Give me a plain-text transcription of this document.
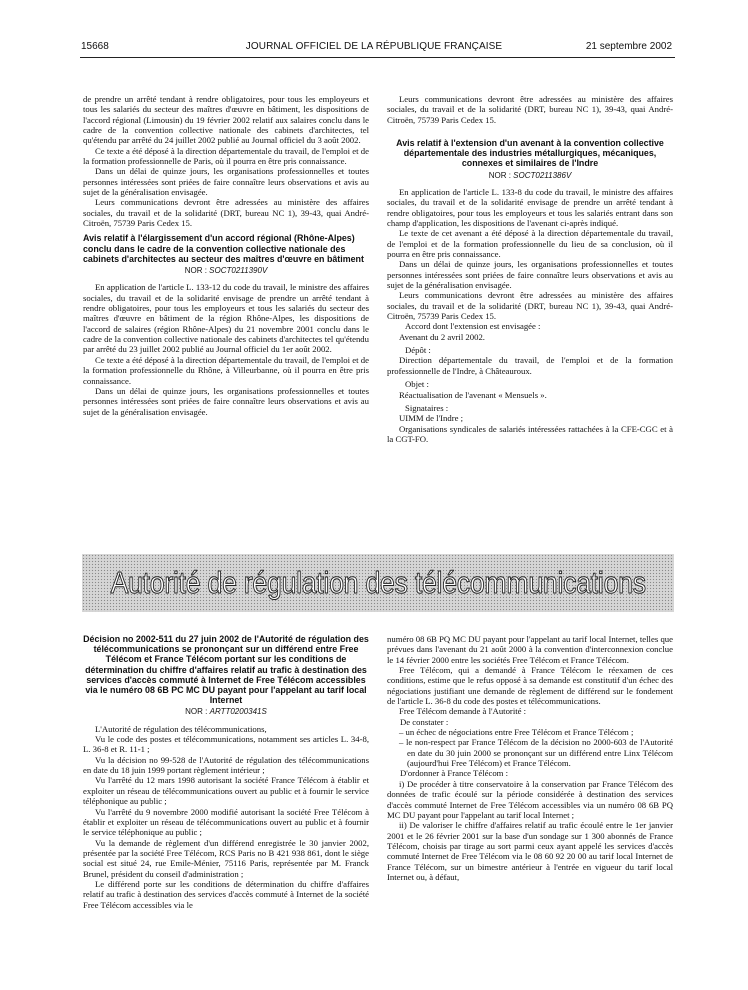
15668	JOURNAL OFFICIEL DE LA RÉPUBLIQUE FRANÇAISE	21 septembre 2002

de prendre un arrêté tendant à rendre obligatoires, pour tous les employeurs et tous les salariés du secteur des maîtres d'œuvre en bâtiment, les dispositions de l'accord régional (Limousin) du 19 février 2002 relatif aux salaires conclu dans le cadre de la convention collective nationale des cabinets d'architectes, tel qu'étendu par arrêté du 24 juillet 2002 publié au Journal officiel du 3 août 2002.

Ce texte a été déposé à la direction départementale du travail, de l'emploi et de la formation professionnelle de Paris, où il pourra en être pris connaissance.

Dans un délai de quinze jours, les organisations professionnelles et toutes personnes intéressées sont priées de faire connaître leurs observations et avis au sujet de la généralisation envisagée.

Leurs communications devront être adressées au ministère des affaires sociales, du travail et de la solidarité (DRT, bureau NC 1), 39-43, quai André-Citroën, 75739 Paris Cedex 15.

Avis relatif à l'élargissement d'un accord régional (Rhône-Alpes) conclu dans le cadre de la convention collective nationale des cabinets d'architectes au secteur des maîtres d'œuvre en bâtiment
NOR : SOCT0211390V

En application de l'article L. 133-12 du code du travail, le ministre des affaires sociales, du travail et de la solidarité envisage de prendre un arrêté tendant à rendre obligatoires, pour tous les employeurs et tous les salariés du secteur des maîtres d'œuvre en bâtiment de la région Rhône-Alpes, les dispositions de l'accord de salaires (région Rhône-Alpes) du 21 novembre 2001 conclu dans le cadre de la convention collective nationale des cabinets d'architectes tel qu'étendu par arrêté du 23 juillet 2002 publié au Journal officiel du 1er août 2002.

Ce texte a été déposé à la direction départementale du travail, de l'emploi et de la formation professionnelle du Rhône, à Villeurbanne, où il pourra en être pris connaissance.

Dans un délai de quinze jours, les organisations professionnelles et toutes personnes intéressées sont priées de faire connaître leurs observations et avis au sujet de la généralisation envisagée.

Leurs communications devront être adressées au ministère des affaires sociales, du travail et de la solidarité (DRT, bureau NC 1), 39-43, quai André-Citroën, 75739 Paris Cedex 15.

Avis relatif à l'extension d'un avenant à la convention collective départementale des industries métallurgiques, mécaniques, connexes et similaires de l'Indre
NOR : SOCT0211386V

En application de l'article L. 133-8 du code du travail, le ministre des affaires sociales, du travail et de la solidarité envisage de prendre un arrêté tendant à rendre obligatoires, pour tous les employeurs et tous les salariés entrant dans son champ d'application, les dispositions de l'avenant ci-après indiqué.

Le texte de cet avenant a été déposé à la direction départementale du travail, de l'emploi et de la formation professionnelle du lieu de sa conclusion, où il pourra en être pris connaissance.

Dans un délai de quinze jours, les organisations professionnelles et toutes personnes intéressées sont priées de faire connaître leurs observations et avis au sujet de la généralisation envisagée.

Leurs communications devront être adressées au ministère des affaires sociales, du travail et de la solidarité (DRT, bureau NC 1), 39-43, quai André-Citroën, 75739 Paris Cedex 15.

Accord dont l'extension est envisagée :

Avenant du 2 avril 2002.

Dépôt :

Direction départementale du travail, de l'emploi et de la formation professionnelle de l'Indre, à Châteauroux.

Objet :

Réactualisation de l'avenant « Mensuels ».

Signataires :

UIMM de l'Indre ;

Organisations syndicales de salariés intéressées rattachées à la CFE-CGC et à la CGT-FO.

Autorité de régulation des télécommunications
Décision no 2002-511 du 27 juin 2002 de l'Autorité de régulation des télécommunications se prononçant sur un différend entre Free Télécom et France Télécom portant sur les conditions de détermination du chiffre d'affaires relatif au trafic à destination des services d'accès commuté à Internet de Free Télécom accessibles via le numéro 08 6B PC MC DU payant pour l'appelant au tarif local Internet
NOR : ARTT0200341S

L'Autorité de régulation des télécommunications,

Vu le code des postes et télécommunications, notamment ses articles L. 34-8, L. 36-8 et R. 11-1 ;

Vu la décision no 99-528 de l'Autorité de régulation des télécommunications en date du 18 juin 1999 portant règlement intérieur ;

Vu l'arrêté du 12 mars 1998 autorisant la société France Télécom à établir et exploiter un réseau de télécommunications ouvert au public et à fournir le service téléphonique au public ;

Vu l'arrêté du 9 novembre 2000 modifié autorisant la société Free Télécom à établir et exploiter un réseau de télécommunications ouvert au public et à fournir le service téléphonique au public ;

Vu la demande de règlement d'un différend enregistrée le 30 janvier 2002, présentée par la société Free Télécom, RCS Paris no B 421 938 861, dont le siège social est situé 24, rue Emile-Ménier, 75116 Paris, représentée par M. Franck Brunel, président du conseil d'administration ;

Le différend porte sur les conditions de détermination du chiffre d'affaires relatif au trafic à destination des services d'accès commuté à Internet de la société Free Télécom accessibles via le

numéro 08 6B PQ MC DU payant pour l'appelant au tarif local Internet, telles que prévues dans l'avenant du 21 août 2000 à la convention d'interconnexion conclue le 14 février 2000 entre les sociétés Free Télécom et France Télécom.

Free Télécom, qui a demandé à France Télécom le réexamen de ces conditions, estime que le refus opposé à sa demande est constitutif d'un échec des négociations justifiant une demande de règlement de différend sur le fondement de l'article L. 36-8 du code des postes et télécommunications.

Free Télécom demande à l'Autorité :

De constater :

– un échec de négociations entre Free Télécom et France Télécom ;

– le non-respect par France Télécom de la décision no 2000-603 de l'Autorité en date du 30 juin 2000 se prononçant sur un différend entre Linx Télécom (aujourd'hui Free Télécom) et France Télécom.

D'ordonner à France Télécom :

i) De procéder à titre conservatoire à la conservation par France Télécom des données de trafic écoulé sur la période considérée à destination des services d'accès commuté Internet de Free Télécom accessibles via un numéro 08 6B PQ MC DU payant pour l'appelant au tarif local Internet ;

ii) De valoriser le chiffre d'affaires relatif au trafic écoulé entre le 1er janvier 2001 et le 26 février 2001 sur la base d'un sondage sur 1 300 abonnés de France Télécom, choisis par tirage au sort parmi ceux ayant appelé les services d'accès commuté Internet de Free Télécom via le 08 60 92 20 00 au tarif local Internet de France Télécom, sur un bimestre antérieur à l'entrée en vigueur du tarif local Internet ou, à défaut,
